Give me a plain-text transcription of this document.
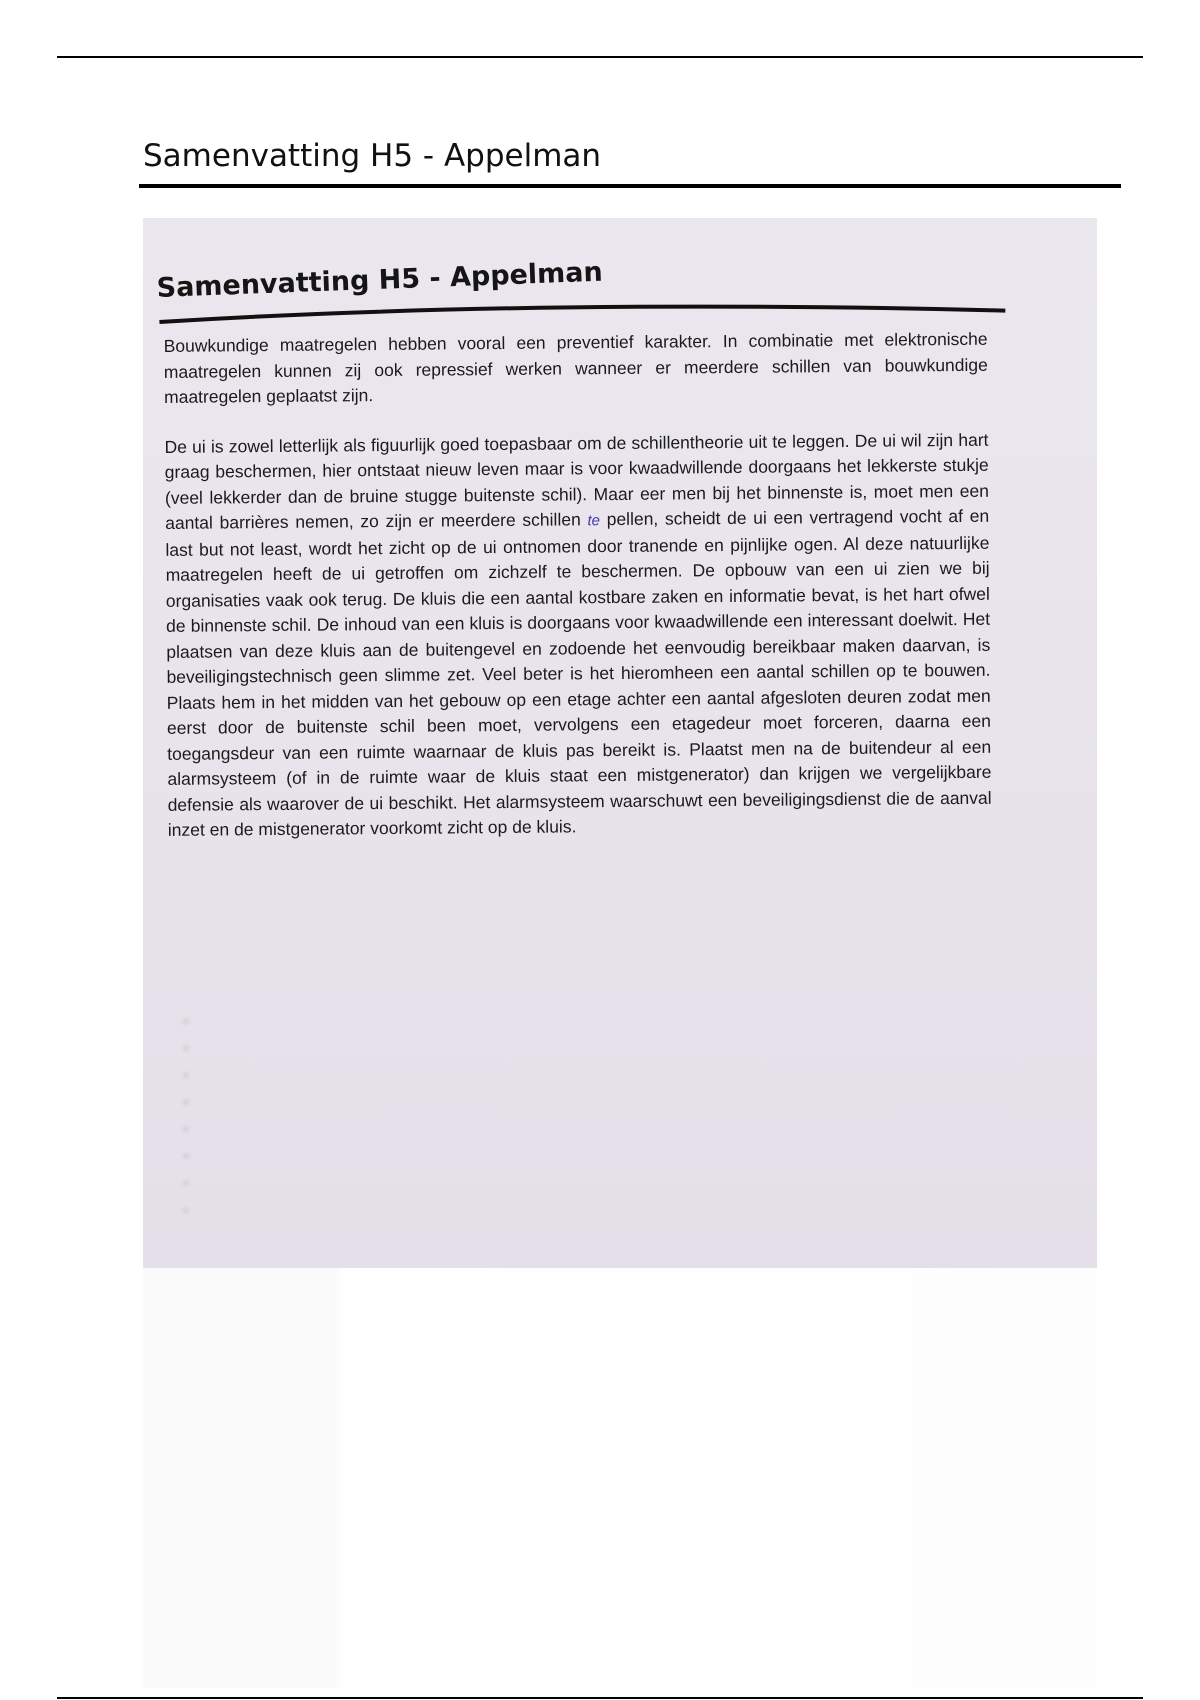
Samenvatting H5 - Appelman
Samenvatting H5 - Appelman

Bouwkundige maatregelen hebben vooral een preventief karakter. In combinatie met elektronische maatregelen kunnen zij ook repressief werken wanneer er meerdere schillen van bouwkundige maatregelen geplaatst zijn.

De ui is zowel letterlijk als figuurlijk goed toepasbaar om de schillentheorie uit te leggen. De ui wil zijn hart graag beschermen, hier ontstaat nieuw leven maar is voor kwaadwillende doorgaans het lekkerste stukje (veel lekkerder dan de bruine stugge buitenste schil). Maar eer men bij het binnenste is, moet men een aantal barrières nemen, zo zijn er meerdere schillen te pellen, scheidt de ui een vertragend vocht af en last but not least, wordt het zicht op de ui ontnomen door tranende en pijnlijke ogen. Al deze natuurlijke maatregelen heeft de ui getroffen om zichzelf te beschermen. De opbouw van een ui zien we bij organisaties vaak ook terug. De kluis die een aantal kostbare zaken en informatie bevat, is het hart ofwel de binnenste schil. De inhoud van een kluis is doorgaans voor kwaadwillende een interessant doelwit. Het plaatsen van deze kluis aan de buitengevel en zodoende het eenvoudig bereikbaar maken daarvan, is beveiligingstechnisch geen slimme zet. Veel beter is het hieromheen een aantal schillen op te bouwen. Plaats hem in het midden van het gebouw op een etage achter een aantal afgesloten deuren zodat men eerst door de buitenste schil been moet, vervolgens een etagedeur moet forceren, daarna een toegangsdeur van een ruimte waarnaar de kluis pas bereikt is. Plaatst men na de buitendeur al een alarmsysteem (of in de ruimte waar de kluis staat een mistgenerator) dan krijgen we vergelijkbare defensie als waarover de ui beschikt. Het alarmsysteem waarschuwt een beveiligingsdienst die de aanval inzet en de mistgenerator voorkomt zicht op de kluis.

•
•
•
•
•
•
•
•
